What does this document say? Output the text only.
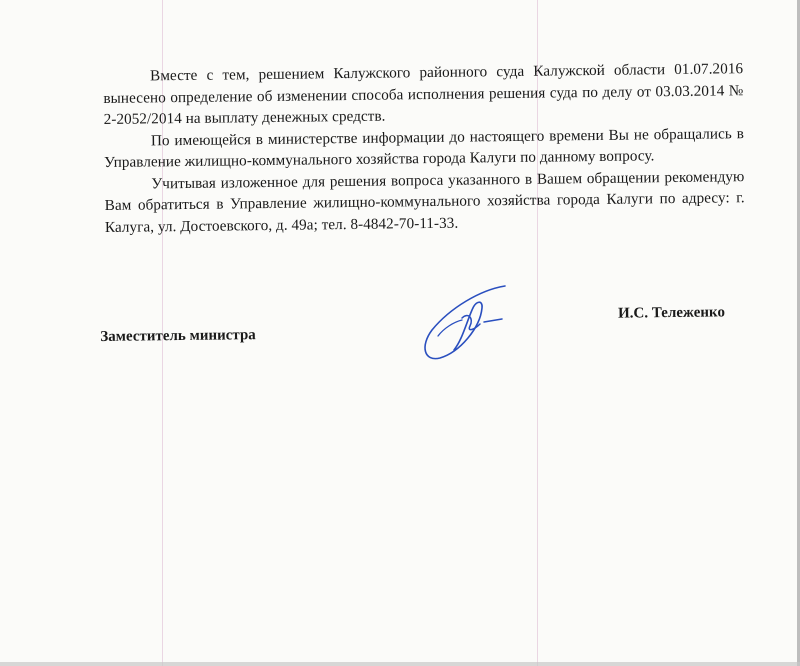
Вместе с тем, решением Калужского районного суда Калужской области 01.07.2016 вынесено определение об изменении способа исполнения решения суда по делу от 03.03.2014 № 2-2052/2014 на выплату денежных средств.

По имеющейся в министерстве информации до настоящего времени Вы не обращались в Управление жилищно-коммунального хозяйства города Калуги по данному вопросу.

Учитывая изложенное для решения вопроса указанного в Вашем обращении рекомендую Вам обратиться в Управление жилищно-коммунального хозяйства города Калуги по адресу: г. Калуга, ул. Достоевского, д. 49а; тел. 8-4842-70-11-33.

Заместитель министра
И.С. Тележенко
